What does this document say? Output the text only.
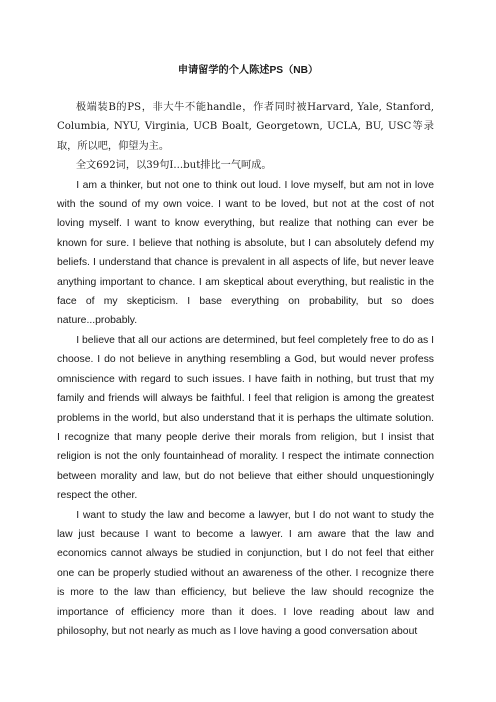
申请留学的个人陈述PS（NB）

极端装B的PS，非大牛不能handle，作者同时被Harvard, Yale, Stanford, Columbia, NYU, Virginia, UCB Boalt, Georgetown, UCLA, BU, USC等录取，所以吧，仰望为主。

全文692词，以39句I...but排比一气呵成。

I am a thinker, but not one to think out loud. I love myself, but am not in love with the sound of my own voice. I want to be loved, but not at the cost of not loving myself. I want to know everything, but realize that nothing can ever be known for sure. I believe that nothing is absolute, but I can absolutely defend my beliefs. I understand that chance is prevalent in all aspects of life, but never leave anything important to chance. I am skeptical about everything, but realistic in the face of my skepticism. I base everything on probability, but so does nature...probably.

I believe that all our actions are determined, but feel completely free to do as I choose. I do not believe in anything resembling a God, but would never profess omniscience with regard to such issues. I have faith in nothing, but trust that my family and friends will always be faithful. I feel that religion is among the greatest problems in the world, but also understand that it is perhaps the ultimate solution. I recognize that many people derive their morals from religion, but I insist that religion is not the only fountainhead of morality. I respect the intimate connection between morality and law, but do not believe that either should unquestioningly respect the other.

I want to study the law and become a lawyer, but I do not want to study the law just because I want to become a lawyer. I am aware that the law and economics cannot always be studied in conjunction, but I do not feel that either one can be properly studied without an awareness of the other. I recognize there is more to the law than efficiency, but believe the law should recognize the importance of efficiency more than it does. I love reading about law and philosophy, but not nearly as much as I love having a good conversation about
